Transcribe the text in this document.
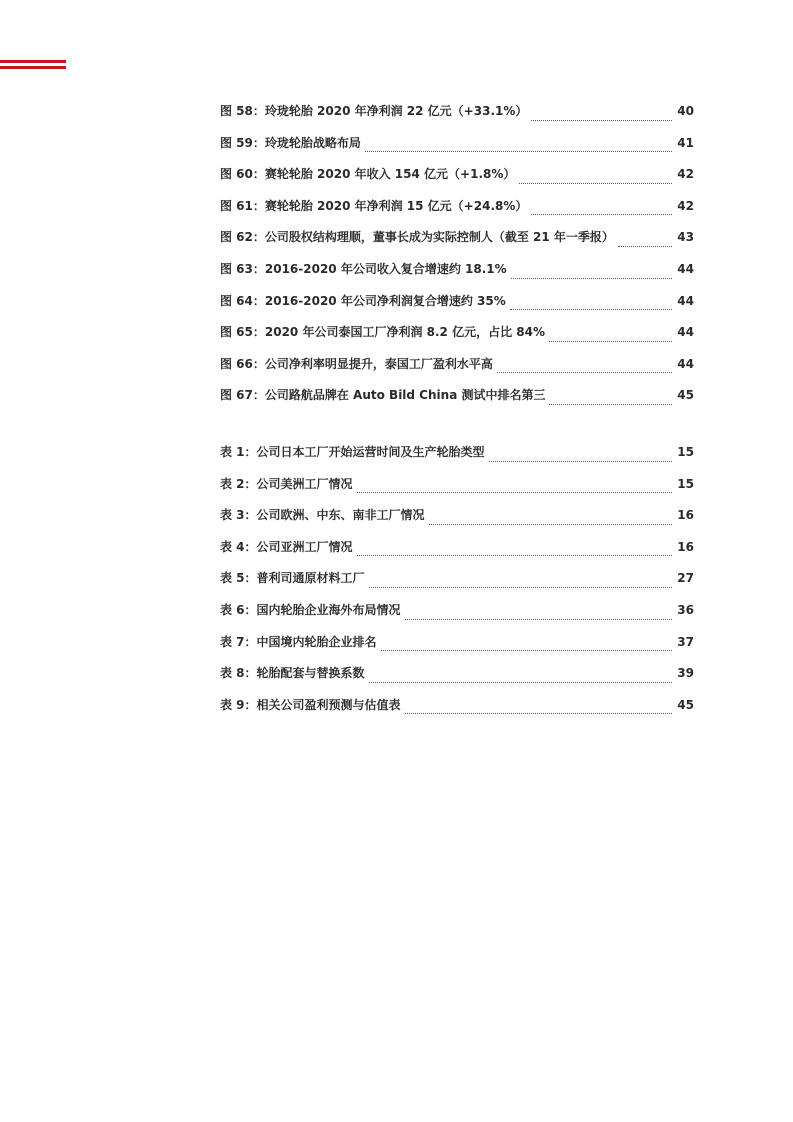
图 58：玲珑轮胎 2020 年净利润 22 亿元（+33.1%）	40
图 59：玲珑轮胎战略布局	41
图 60：赛轮轮胎 2020 年收入 154 亿元（+1.8%）	42
图 61：赛轮轮胎 2020 年净利润 15 亿元（+24.8%）	42
图 62：公司股权结构理顺，董事长成为实际控制人（截至 21 年一季报）	43
图 63：2016-2020 年公司收入复合增速约 18.1%	44
图 64：2016-2020 年公司净利润复合增速约 35%	44
图 65：2020 年公司泰国工厂净利润 8.2 亿元，占比 84%	44
图 66：公司净利率明显提升，泰国工厂盈利水平高	44
图 67：公司路航品牌在 Auto Bild China 测试中排名第三	45
表 1：公司日本工厂开始运营时间及生产轮胎类型	15
表 2：公司美洲工厂情况	15
表 3：公司欧洲、中东、南非工厂情况	16
表 4：公司亚洲工厂情况	16
表 5：普利司通原材料工厂	27
表 6：国内轮胎企业海外布局情况	36
表 7：中国境内轮胎企业排名	37
表 8：轮胎配套与替换系数	39
表 9：相关公司盈利预测与估值表	45
